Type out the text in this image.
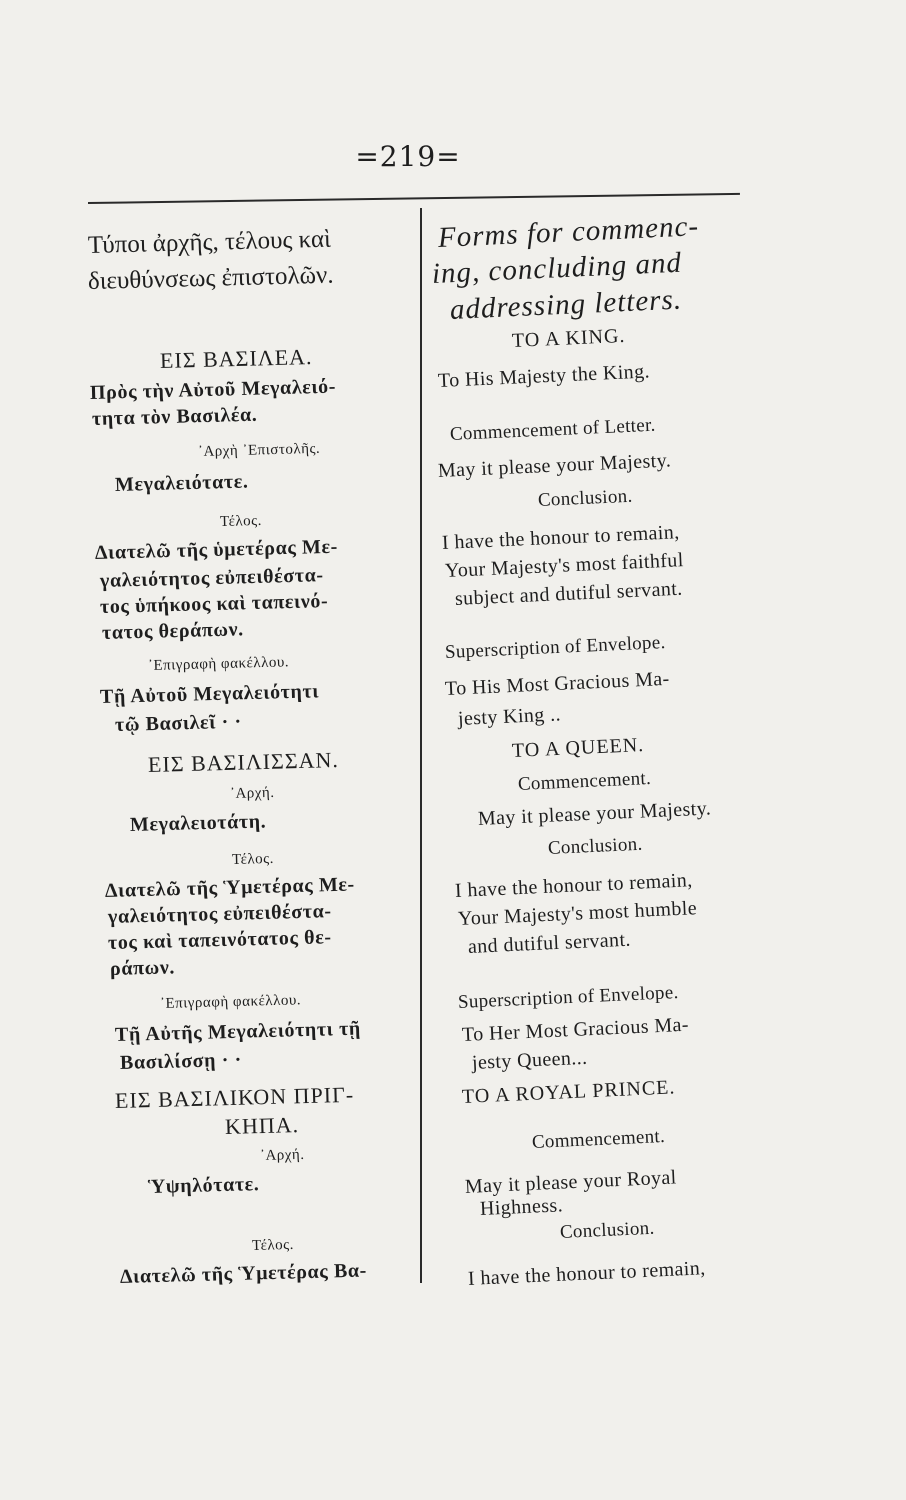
=219=
Τύποι ἀρχῆς, τέλους καὶ
διευθύνσεως ἐπιστολῶν.
ΕΙΣ ΒΑΣΙΛΕΑ.
Πρὸς τὴν Αὐτοῦ Μεγαλειό-
τητα τὸν Βασιλέα.
᾿Αρχὴ ᾿Επιστολῆς.
Μεγαλειότατε.
Τέλος.
Διατελῶ τῆς ὑμετέρας Με-
γαλειότητος εὐπειθέστα-
τος ὑπήκοος καὶ ταπεινό-
τατος θεράπων.
᾿Επιγραφὴ φακέλλου.
Τῇ Αὐτοῦ Μεγαλειότητι
τῷ Βασιλεῖ · ·
ΕΙΣ ΒΑΣΙΛΙΣΣΑΝ.
᾿Αρχή.
Μεγαλειοτάτη.
Τέλος.
Διατελῶ τῆς Ὑμετέρας Με-
γαλειότητος εὐπειθέστα-
τος καὶ ταπεινότατος θε-
ράπων.
᾿Επιγραφὴ φακέλλου.
Τῇ Αὐτῆς Μεγαλειότητι τῇ
Βασιλίσσῃ · ·
ΕΙΣ ΒΑΣΙΛΙΚΟΝ ΠΡΙΓ-
ΚΗΠΑ.
᾿Αρχή.
Ὑψηλότατε.
Τέλος.
Διατελῶ τῆς Ὑμετέρας Βα-
Forms for commenc-
ing, concluding and
addressing letters.
TO A KING.
To His Majesty the King.
Commencement of Letter.
May it please your Majesty.
Conclusion.
I have the honour to remain,
Your Majesty's most faithful
subject and dutiful servant.
Superscription of Envelope.
To His Most Gracious Ma-
jesty King ..
TO A QUEEN.
Commencement.
May it please your Majesty.
Conclusion.
I have the honour to remain,
Your Majesty's most humble
and dutiful servant.
Superscription of Envelope.
To Her Most Gracious Ma-
jesty Queen...
TO A ROYAL PRINCE.
Commencement.
May it please your Royal
Highness.
Conclusion.
I have the honour to remain,
